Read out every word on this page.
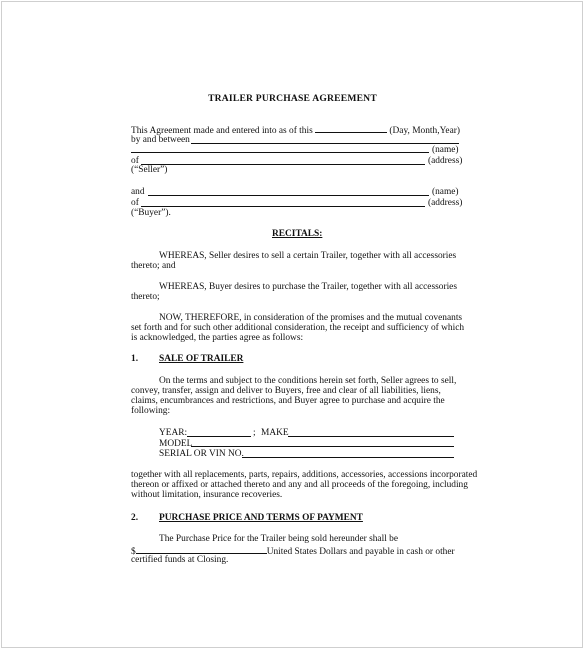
TRAILER PURCHASE AGREEMENT
This Agreement made and entered into as of this	(Day, Month,Year)
by and between
(name)
of	(address)
(“Seller”)
and	(name)
of	(address)
(“Buyer”).
RECITALS:
WHEREAS, Seller desires to sell a certain Trailer, together with all accessories
thereto; and
WHEREAS, Buyer desires to purchase the Trailer, together with all accessories
thereto;
NOW, THEREFORE, in consideration of the promises and the mutual covenants
set forth and for such other additional consideration, the receipt and sufficiency of which
is acknowledged, the parties agree as follows:
1. SALE OF TRAILER
On the terms and subject to the conditions herein set forth, Seller agrees to sell,
convey, transfer, assign and deliver to Buyers, free and clear of all liabilities, liens,
claims, encumbrances and restrictions, and Buyer agree to purchase and acquire the
following:
YEAR:	; MAKE
MODEL
SERIAL OR VIN NO.
together with all replacements, parts, repairs, additions, accessories, accessions incorporated
thereon or affixed or attached thereto and any and all proceeds of the foregoing, including
without limitation, insurance recoveries.
2. PURCHASE PRICE AND TERMS OF PAYMENT
The Purchase Price for the Trailer being sold hereunder shall be
$	United States Dollars and payable in cash or other
certified funds at Closing.
